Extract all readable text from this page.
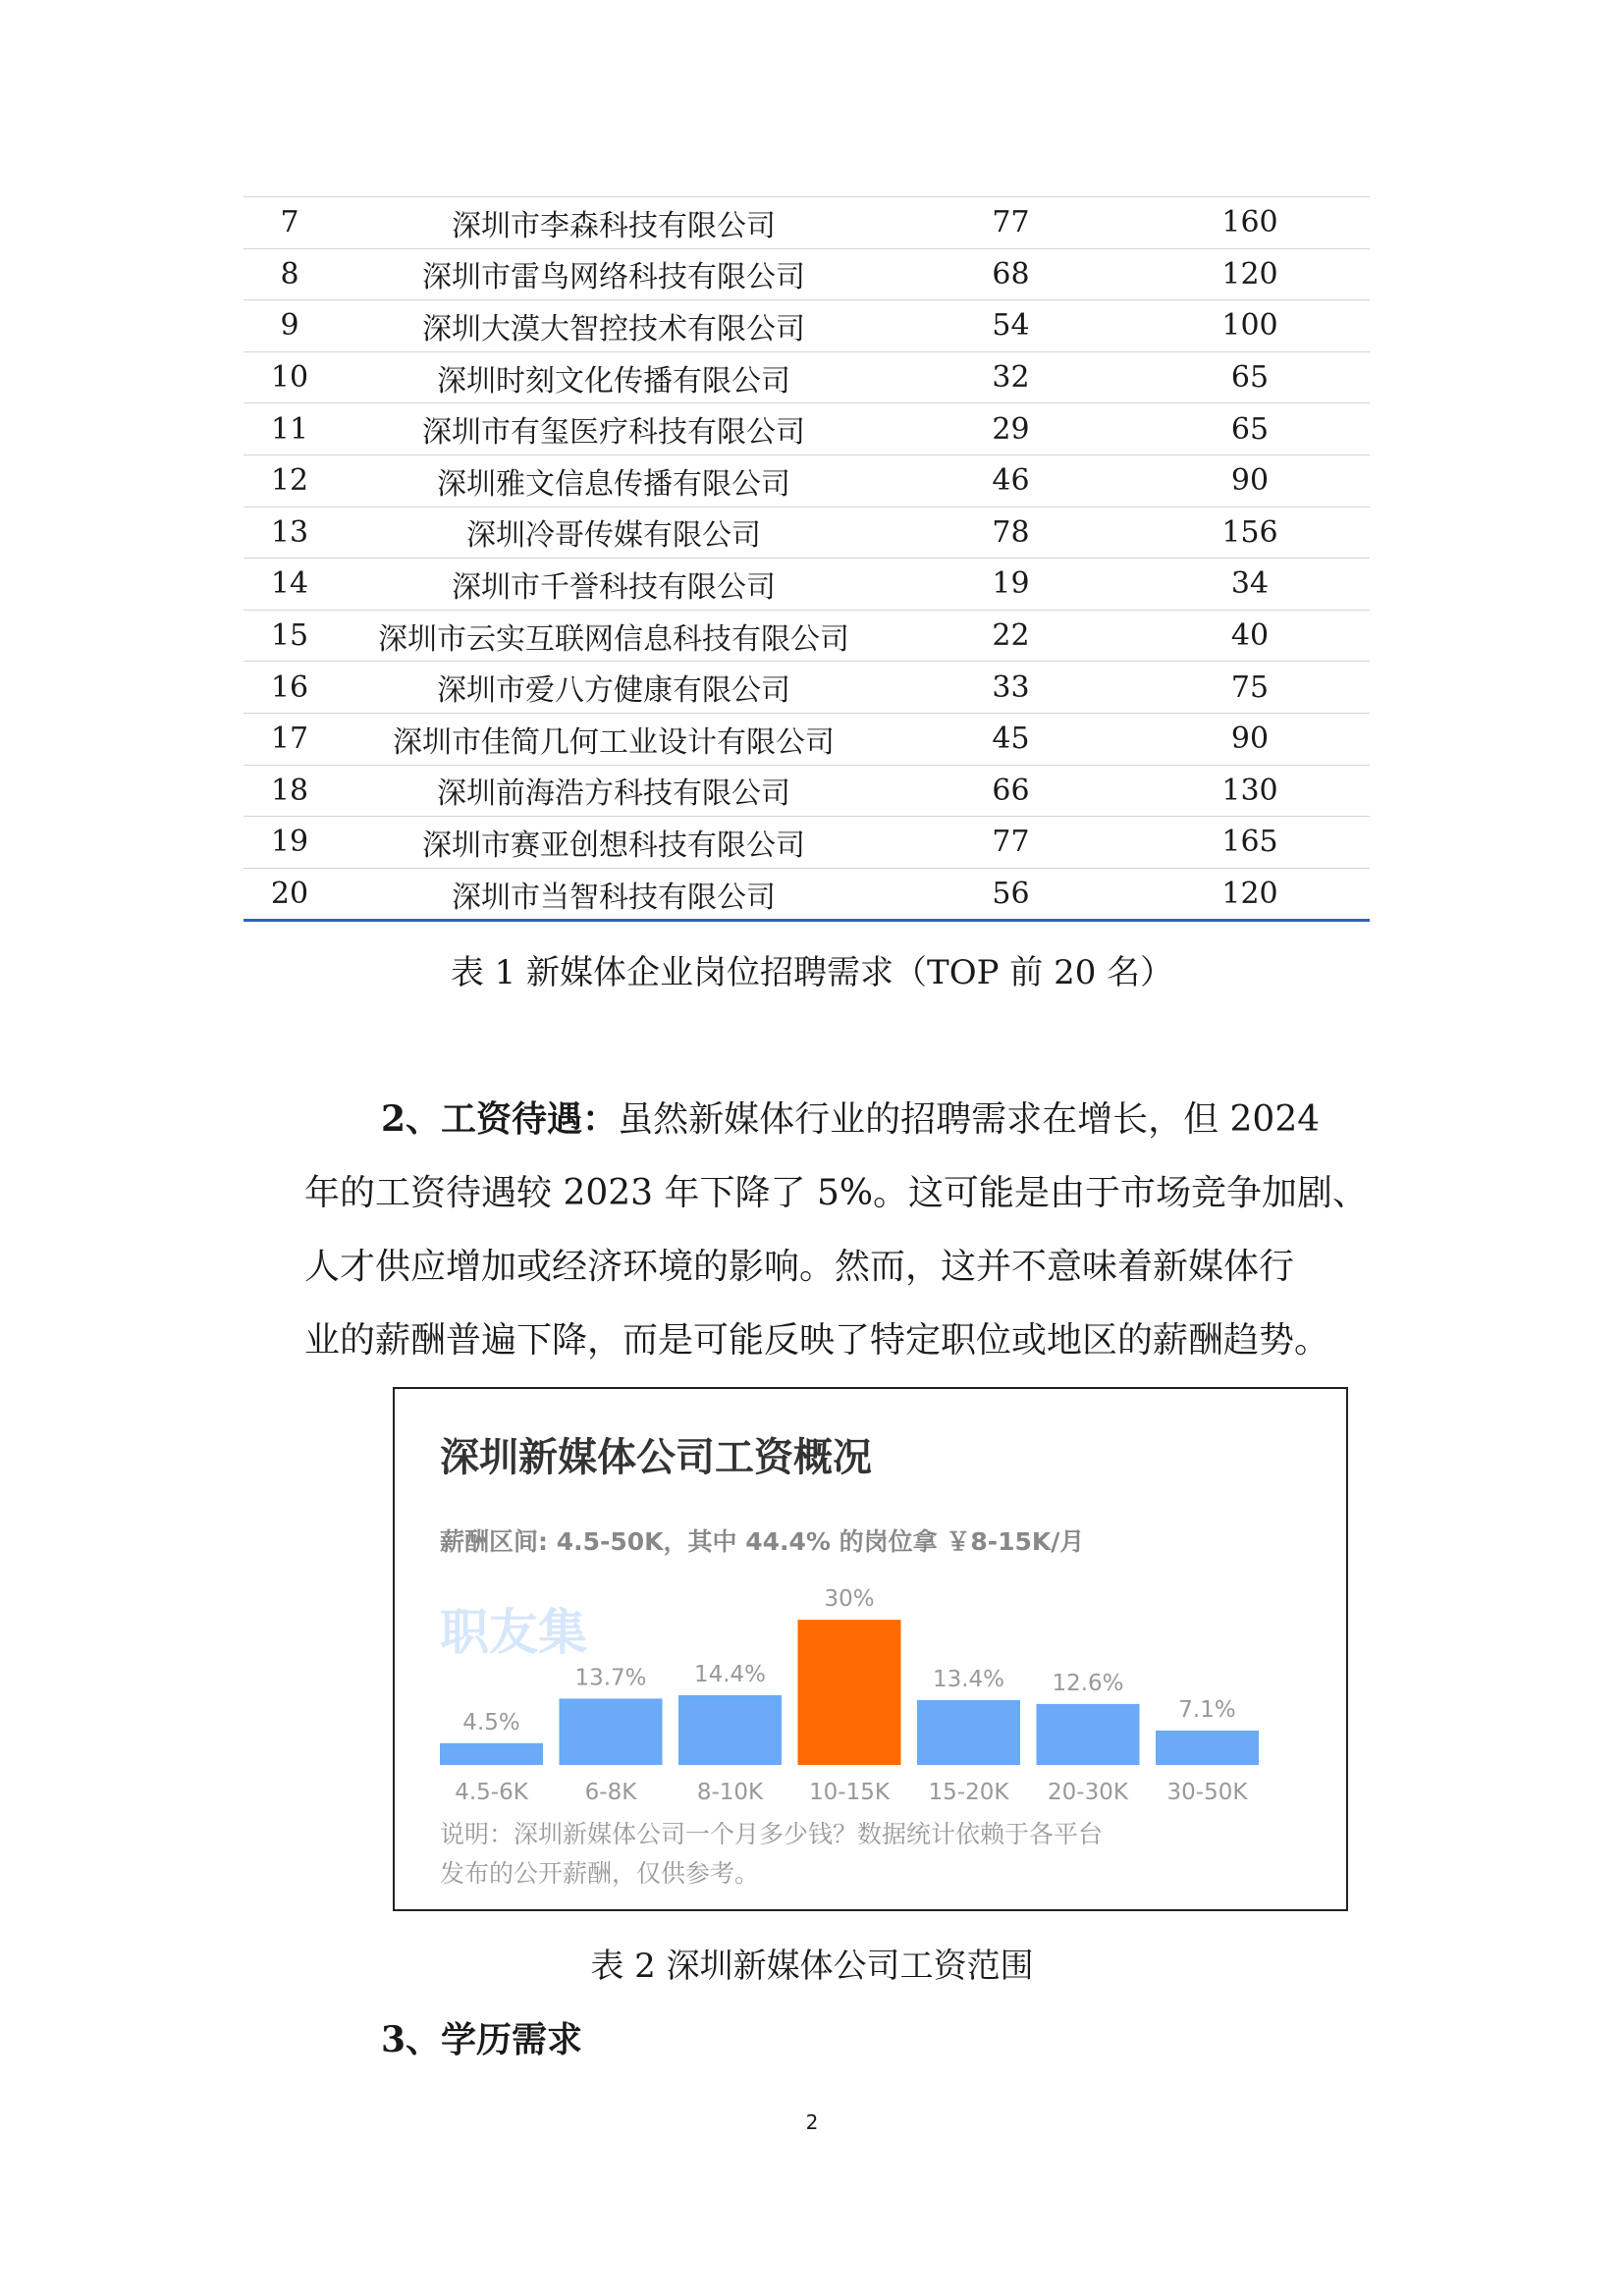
7	深圳市李森科技有限公司	77	160
8	深圳市雷鸟网络科技有限公司	68	120
9	深圳大漠大智控技术有限公司	54	100
10	深圳时刻文化传播有限公司	32	65
11	深圳市有玺医疗科技有限公司	29	65
12	深圳雅文信息传播有限公司	46	90
13	深圳冷哥传媒有限公司	78	156
14	深圳市千誉科技有限公司	19	34
15	深圳市云实互联网信息科技有限公司	22	40
16	深圳市爱八方健康有限公司	33	75
17	深圳市佳简几何工业设计有限公司	45	90
18	深圳前海浩方科技有限公司	66	130
19	深圳市赛亚创想科技有限公司	77	165
20	深圳市当智科技有限公司	56	120
表 1 新媒体企业岗位招聘需求（TOP 前 20 名）
2、工资待遇：虽然新媒体行业的招聘需求在增长，但 2024
年的工资待遇较 2023 年下降了 5%。这可能是由于市场竞争加剧、
人才供应增加或经济环境的影响。然而，这并不意味着新媒体行
业的薪酬普遍下降，而是可能反映了特定职位或地区的薪酬趋势。
深圳新媒体公司工资概况
薪酬区间: 4.5-50K，其中 44.4% 的岗位拿 ￥8-15K/月
职友集
4.5%
4.5-6K
13.7%
6-8K
14.4%
8-10K
30%
10-15K
13.4%
15-20K
12.6%
20-30K
7.1%
30-50K
说明：深圳新媒体公司一个月多少钱？数据统计依赖于各平台
发布的公开薪酬，仅供参考。
表 2 深圳新媒体公司工资范围
3、学历需求
2
